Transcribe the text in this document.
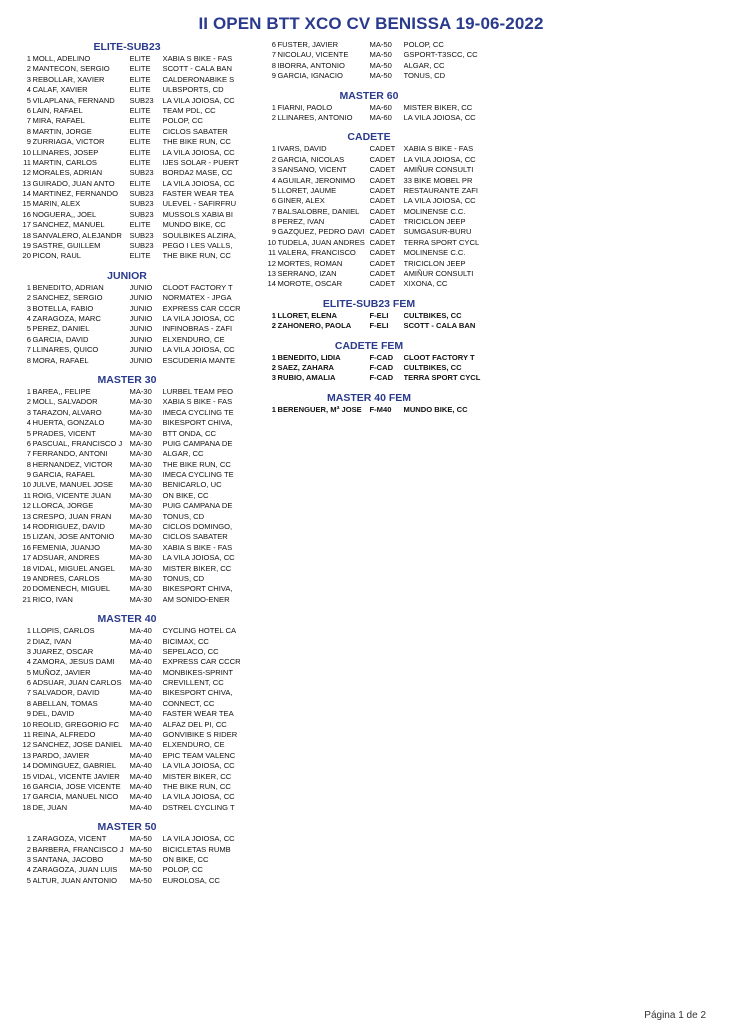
II OPEN BTT XCO CV BENISSA 19-06-2022
ELITE-SUB23
1 MOLL, ADELINO	ELITE	XABIA S BIKE - FAS
2 MANTECON, SERGIO	ELITE	SCOTT - CALA BAN
3 REBOLLAR, XAVIER	ELITE	CALDERONABIKE S
4 CALAF, XAVIER	ELITE	ULBSPORTS, CD
5 VILAPLANA, FERNAND	SUB23	LA VILA JOIOSA, CC
6 LAIN, RAFAEL	ELITE	TEAM PDL, CC
7 MIRA, RAFAEL	ELITE	POLOP, CC
8 MARTIN, JORGE	ELITE	CICLOS SABATER
9 ZURRIAGA, VICTOR	ELITE	THE BIKE RUN, CC
10 LLINARES, JOSEP	ELITE	LA VILA JOIOSA, CC
11 MARTIN, CARLOS	ELITE	IJES SOLAR - PUERT
12 MORALES, ADRIAN	SUB23	BORDA2 MASE, CC
13 GUIRADO, JUAN ANTO	ELITE	LA VILA JOIOSA, CC
14 MARTINEZ, FERNANDO	SUB23	FASTER WEAR TEA
15 MARIN, ALEX	SUB23	ULEVEL - SAFIRFRU
16 NOGUERA,, JOEL	SUB23	MUSSOLS XABIA BI
17 SANCHEZ, MANUEL	ELITE	MUNDO BIKE, CC
18 SANVALERO, ALEJANDR	SUB23	SOULBIKES ALZIRA,
19 SASTRE, GUILLEM	SUB23	PEGO I LES VALLS,
20 PICON, RAUL	ELITE	THE BIKE RUN, CC
JUNIOR
1 BENEDITO, ADRIAN	JUNIO	CLOOT FACTORY T
2 SANCHEZ, SERGIO	JUNIO	NORMATEX - JPGA
3 BOTELLA, FABIO	JUNIO	EXPRESS CAR CCCR
4 ZARAGOZA, MARC	JUNIO	LA VILA JOIOSA, CC
5 PEREZ, DANIEL	JUNIO	INFINOBRAS - ZAFI
6 GARCIA, DAVID	JUNIO	ELXENDURO, CE
7 LLINARES, QUICO	JUNIO	LA VILA JOIOSA, CC
8 MORA, RAFAEL	JUNIO	ESCUDERIA MANTE
MASTER 30
1 BAREA,, FELIPE	MA-30	LURBEL TEAM PEO
2 MOLL, SALVADOR	MA-30	XABIA S BIKE - FAS
3 TARAZON, ALVARO	MA-30	IMECA CYCLING TE
4 HUERTA, GONZALO	MA-30	BIKESPORT CHIVA,
5 PRADES, VICENT	MA-30	BTT ONDA, CC
6 PASCUAL, FRANCISCO J MA-30	PUIG CAMPANA DE
7 FERRANDO, ANTONI	MA-30	ALGAR, CC
8 HERNANDEZ, VICTOR	MA-30	THE BIKE RUN, CC
9 GARCIA, RAFAEL	MA-30	IMECA CYCLING TE
10 JULVE, MANUEL JOSE	MA-30	BENICARLO, UC
11 ROIG, VICENTE JUAN	MA-30	ON BIKE, CC
12 LLORCA, JORGE	MA-30	PUIG CAMPANA DE
13 CRESPO, JUAN FRAN	MA-30	TONUS, CD
14 RODRIGUEZ, DAVID	MA-30	CICLOS DOMINGO,
15 LIZAN, JOSE ANTONIO	MA-30	CICLOS SABATER
16 FEMENIA, JUANJO	MA-30	XABIA S BIKE - FAS
17 ADSUAR, ANDRES	MA-30	LA VILA JOIOSA, CC
18 VIDAL, MIGUEL ANGEL	MA-30	MISTER BIKER, CC
19 ANDRES, CARLOS	MA-30	TONUS, CD
20 DOMENECH, MIGUEL	MA-30	BIKESPORT CHIVA,
21 RICO, IVAN	MA-30	AM SONIDO-ENER
MASTER 40
1 LLOPIS, CARLOS	MA-40	CYCLING HOTEL CA
2 DIAZ, IVAN	MA-40	BICIMAX, CC
3 JUAREZ, OSCAR	MA-40	SEPELACO, CC
4 ZAMORA, JESUS DAMI	MA-40	EXPRESS CAR CCCR
5 MUÑOZ, JAVIER	MA-40	MONBIKES-SPRINT
6 ADSUAR, JUAN CARLOS	MA-40	CREVILLENT, CC
7 SALVADOR, DAVID	MA-40	BIKESPORT CHIVA,
8 ABELLAN, TOMAS	MA-40	CONNECT, CC
9 DEL, DAVID	MA-40	FASTER WEAR TEA
10 REOLID, GREGORIO FC	MA-40	ALFAZ DEL PI, CC
11 REINA, ALFREDO	MA-40	GONVIBIKE S RIDER
12 SANCHEZ, JOSE DANIEL MA-40	ELXENDURO, CE
13 PARDO, JAVIER	MA-40	EPIC TEAM VALENC
14 DOMINGUEZ, GABRIEL	MA-40	LA VILA JOIOSA, CC
15 VIDAL, VICENTE JAVIER	MA-40	MISTER BIKER, CC
16 GARCIA, JOSE VICENTE	MA-40	THE BIKE RUN, CC
17 GARCIA, MANUEL NICO	MA-40	LA VILA JOIOSA, CC
18 DE, JUAN	MA-40	DSTREL CYCLING T
MASTER 50
1 ZARAGOZA, VICENT	MA-50	LA VILA JOIOSA, CC
2 BARBERA, FRANCISCO J MA-50	BICICLETAS RUMB
3 SANTANA, JACOBO	MA-50	ON BIKE, CC
4 ZARAGOZA, JUAN LUIS	MA-50	POLOP, CC
5 ALTUR, JUAN ANTONIO	MA-50	EUROLOSA, CC
6 FUSTER, JAVIER	MA-50	POLOP, CC
7 NICOLAU, VICENTE	MA-50	GSPORT-T3SCC, CC
8 IBORRA, ANTONIO	MA-50	ALGAR, CC
9 GARCIA, IGNACIO	MA-50	TONUS, CD
MASTER 60
1 FIARNI, PAOLO	MA-60	MISTER BIKER, CC
2 LLINARES, ANTONIO	MA-60	LA VILA JOIOSA, CC
CADETE
1 IVARS, DAVID	CADET	XABIA S BIKE - FAS
2 GARCIA, NICOLAS	CADET	LA VILA JOIOSA, CC
3 SANSANO, VICENT	CADET	AMIÑUR CONSULTI
4 AGUILAR, JERONIMO	CADET	33 BIKE MOBEL PR
5 LLORET, JAUME	CADET	RESTAURANTE ZAFI
6 GINER, ALEX	CADET	LA VILA JOIOSA, CC
7 BALSALOBRE, DANIEL	CADET	MOLINENSE C.C.
8 PEREZ, IVAN	CADET	TRICICLON JEEP
9 GAZQUEZ, PEDRO DAVI CADET	SUMGASUR-BURU
10 TUDELA, JUAN ANDRES CADET	TERRA SPORT CYCL
11 VALERA, FRANCISCO	CADET	MOLINENSE C.C.
12 MORTES, ROMAN	CADET	TRICICLON JEEP
13 SERRANO, IZAN	CADET	AMIÑUR CONSULTI
14 MOROTE, OSCAR	CADET	XIXONA, CC
ELITE-SUB23 FEM
1 LLORET, ELENA	F-ELI	CULTBIKES, CC
2 ZAHONERO, PAOLA	F-ELI	SCOTT - CALA BAN
CADETE FEM
1 BENEDITO, LIDIA	F-CAD	CLOOT FACTORY T
2 SAEZ, ZAHARA	F-CAD	CULTBIKES, CC
3 RUBIO, AMALIA	F-CAD	TERRA SPORT CYCL
MASTER 40 FEM
1 BERENGUER, Mª JOSE	F-M40	MUNDO BIKE, CC
Página 1 de 2
